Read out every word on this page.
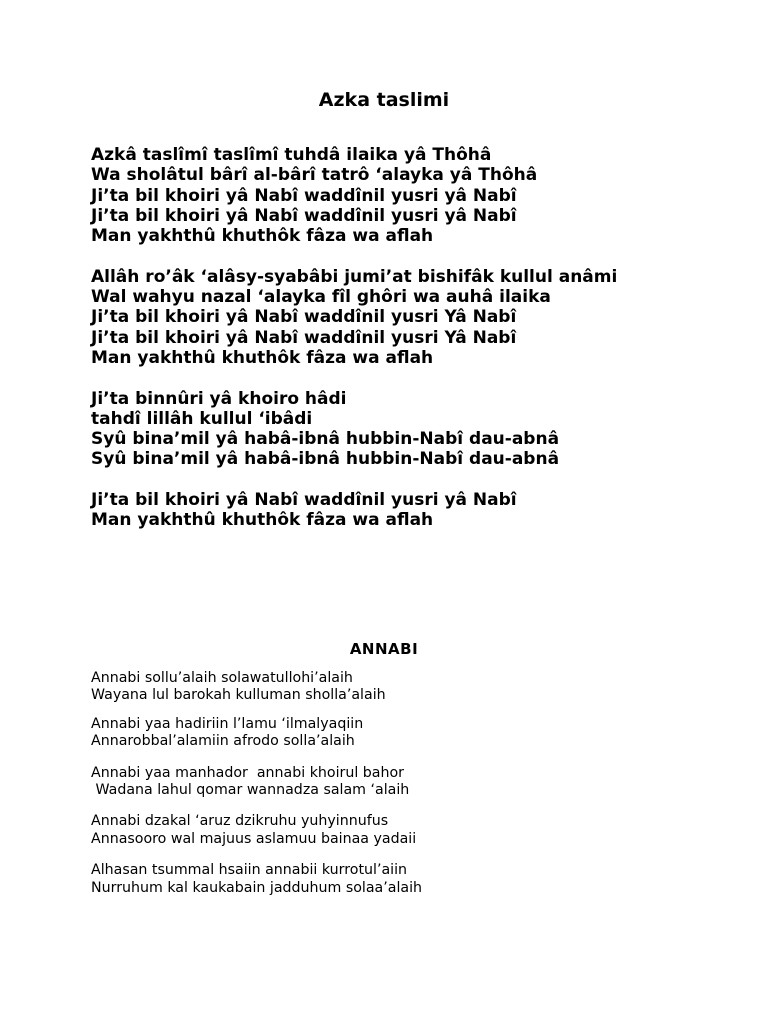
Azka taslimi
Azkâ taslîmî taslîmî tuhdâ ilaika yâ Thôhâ
Wa sholâtul bârî al-bârî tatrô ‘alayka yâ Thôhâ
Ji’ta bil khoiri yâ Nabî waddînil yusri yâ Nabî
Ji’ta bil khoiri yâ Nabî waddînil yusri yâ Nabî
Man yakhthû khuthôk fâza wa aflah
Allâh ro’âk ‘alâsy-syabâbi jumi’at bishifâk kullul anâmi
Wal wahyu nazal ‘alayka fîl ghôri wa auhâ ilaika
Ji’ta bil khoiri yâ Nabî waddînil yusri Yâ Nabî
Ji’ta bil khoiri yâ Nabî waddînil yusri Yâ Nabî
Man yakhthû khuthôk fâza wa aflah
Ji’ta binnûri yâ khoiro hâdi
tahdî lillâh kullul ‘ibâdi
Syû bina’mil yâ habâ-ibnâ hubbin-Nabî dau-abnâ
Syû bina’mil yâ habâ-ibnâ hubbin-Nabî dau-abnâ
Ji’ta bil khoiri yâ Nabî waddînil yusri yâ Nabî
Man yakhthû khuthôk fâza wa aflah
ANNABI
Annabi sollu’alaih solawatullohi’alaih
Wayana lul barokah kulluman sholla’alaih
Annabi yaa hadiriin l’lamu ‘ilmalyaqiin
Annarobbal’alamiin afrodo solla’alaih
Annabi yaa manhador  annabi khoirul bahor
Wadana lahul qomar wannadza salam ‘alaih
Annabi dzakal ‘aruz dzikruhu yuhyinnufus
Annasooro wal majuus aslamuu bainaa yadaii
Alhasan tsummal hsaiin annabii kurrotul’aiin
Nurruhum kal kaukabain jadduhum solaa’alaih
